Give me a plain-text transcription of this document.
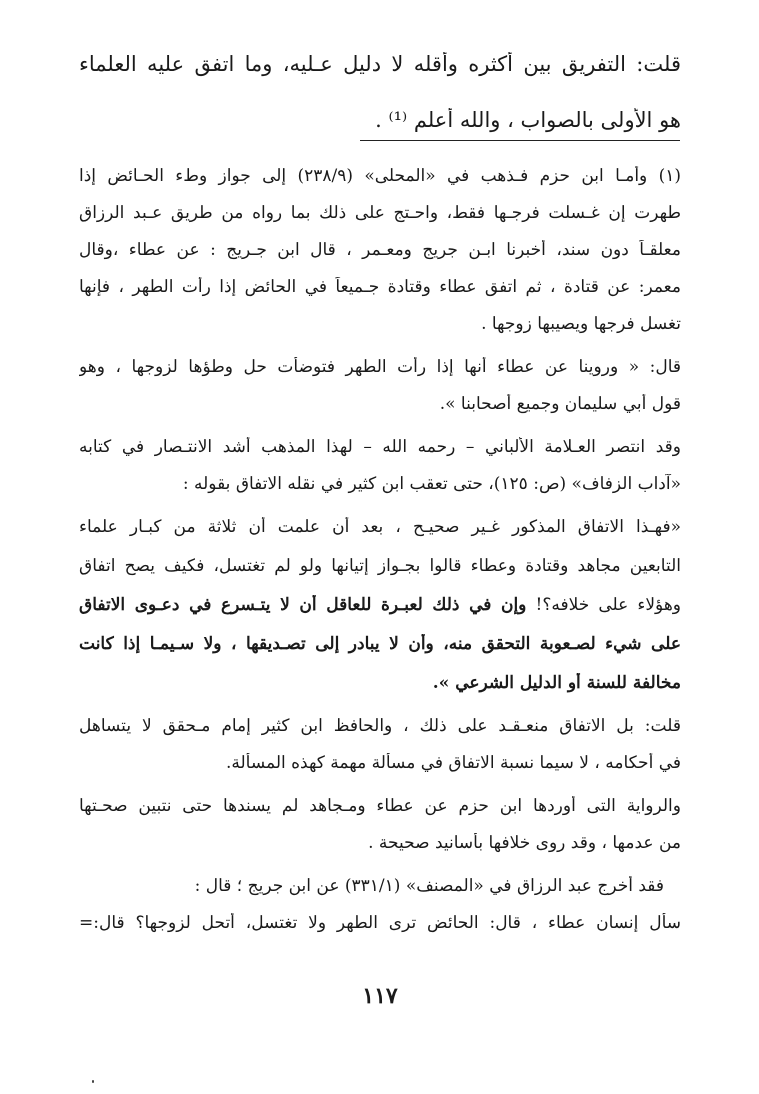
قلت: التفريق بين أكثره وأقله لا دليل عـليه، وما اتفق عليه العلماء
هو الأولى بالصواب ، والله أعلم ⁽¹⁾ .
(١) وأمـا ابن حزم فـذهب في «المحلى» (٢٣٨/٩) إلى جواز وطء الحـائض إذا
طهرت إن غـسلت فرجـها فقط، واحـتج على ذلك بما رواه من طريق عـبد الرزاق
معلقـاً دون سند، أخبرنا ابـن جريج ومعـمر ، قال ابن جـريج : عن عطاء ،وقال
معمر: عن قتادة ، ثم اتفق عطاء وقتادة جـميعاً في الحائض إذا رأت الطهر ، فإنها
تغسل فرجها ويصيبها زوجها .
قال: « وروينا عن عطاء أنها إذا رأت الطهر فتوضأت حل وطؤها لزوجها ، وهو
قول أبي سليمان وجميع أصحابنا ».
وقد انتصر العـلامة الألباني – رحمه الله – لهذا المذهب أشد الانتـصار في كتابه
«آداب الزفاف» (ص: ١٢٥)، حتى تعقب ابن كثير في نقله الاتفاق بقوله :
«فهـذا الاتفاق المذكور غـير صحيـح ، بعد أن علمت أن ثلاثة من كبـار علماء
التابعين مجاهد وقتادة وعطاء قالوا بجـواز إتيانها ولو لم تغتسل، فكيف يصح اتفاق
وهؤلاء على خلافه؟! وإن في ذلك لعبـرة للعاقل أن لا يتـسرع في دعـوى الاتفاق
على شيء لصـعوبة التحقق منه، وأن لا يبادر إلى تصـديقها ، ولا سـيمـا إذا كانت
مخالفة للسنة أو الدليل الشرعي ».
قلت: بل الاتفاق منعـقـد على ذلك ، والحافظ ابن كثير إمام مـحقق لا يتساهل
في أحكامه ، لا سيما نسبة الاتفاق في مسألة مهمة كهذه المسألة.
والرواية التى أوردها ابن حزم عن عطاء ومـجاهد لم يسندها حتى نتبين صحـتها
من عدمها ، وقد روى خلافها بأسانيد صحيحة .
فقد أخرج عبد الرزاق في «المصنف» (٣٣١/١) عن ابن جريج ؛ قال :
سأل إنسان عطاء ، قال: الحائض ترى الطهر ولا تغتسل، أتحل لزوجها؟ قال:=
١١٧
